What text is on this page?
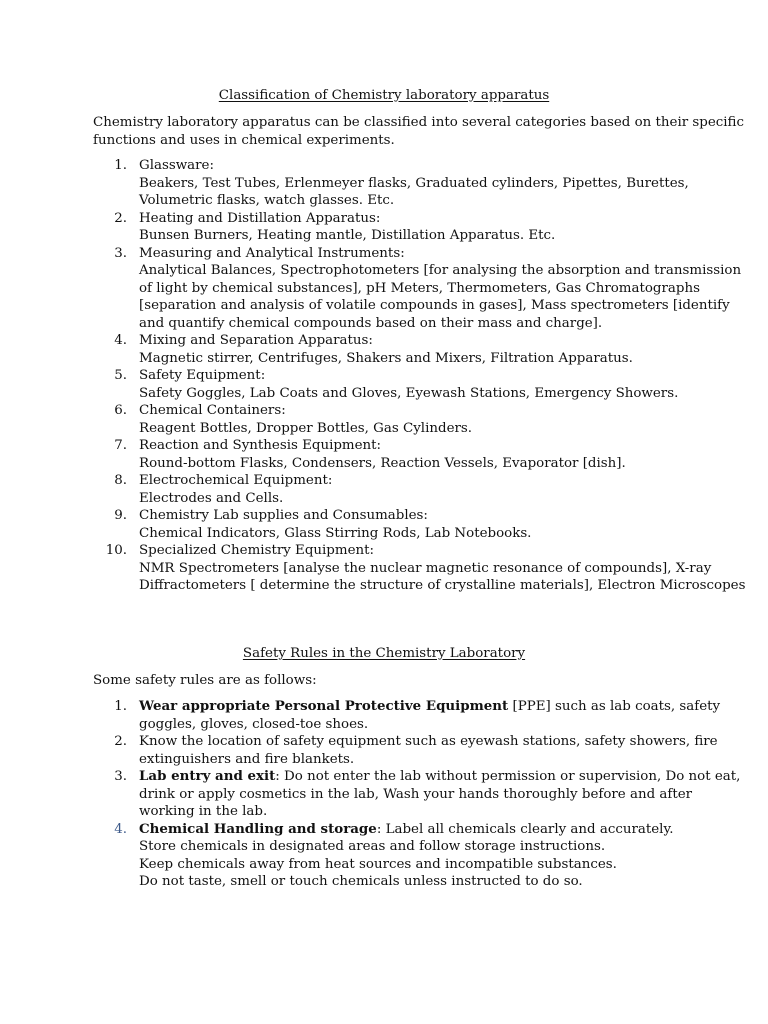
Classification of Chemistry laboratory apparatus
Chemistry laboratory apparatus can be classified into several categories based on their specific
functions and uses in chemical experiments.
1. Glassware:
Beakers, Test Tubes, Erlenmeyer flasks, Graduated cylinders, Pipettes, Burettes,
Volumetric flasks, watch glasses. Etc.
2. Heating and Distillation Apparatus:
Bunsen Burners, Heating mantle, Distillation Apparatus. Etc.
3. Measuring and Analytical Instruments:
Analytical Balances, Spectrophotometers [for analysing the absorption and transmission
of light by chemical substances], pH Meters, Thermometers, Gas Chromatographs
[separation and analysis of volatile compounds in gases], Mass spectrometers [identify
and quantify chemical compounds based on their mass and charge].
4. Mixing and Separation Apparatus:
Magnetic stirrer, Centrifuges, Shakers and Mixers, Filtration Apparatus.
5. Safety Equipment:
Safety Goggles, Lab Coats and Gloves, Eyewash Stations, Emergency Showers.
6. Chemical Containers:
Reagent Bottles, Dropper Bottles, Gas Cylinders.
7. Reaction and Synthesis Equipment:
Round-bottom Flasks, Condensers, Reaction Vessels, Evaporator [dish].
8. Electrochemical Equipment:
Electrodes and Cells.
9. Chemistry Lab supplies and Consumables:
Chemical Indicators, Glass Stirring Rods, Lab Notebooks.
10. Specialized Chemistry Equipment:
NMR Spectrometers [analyse the nuclear magnetic resonance of compounds], X-ray
Diffractometers [ determine the structure of crystalline materials], Electron Microscopes
Safety Rules in the Chemistry Laboratory
Some safety rules are as follows:
1. Wear appropriate Personal Protective Equipment [PPE] such as lab coats, safety
goggles, gloves, closed-toe shoes.
2. Know the location of safety equipment such as eyewash stations, safety showers, fire
extinguishers and fire blankets.
3. Lab entry and exit: Do not enter the lab without permission or supervision, Do not eat,
drink or apply cosmetics in the lab, Wash your hands thoroughly before and after
working in the lab.
4. Chemical Handling and storage: Label all chemicals clearly and accurately.
Store chemicals in designated areas and follow storage instructions.
Keep chemicals away from heat sources and incompatible substances.
Do not taste, smell or touch chemicals unless instructed to do so.
